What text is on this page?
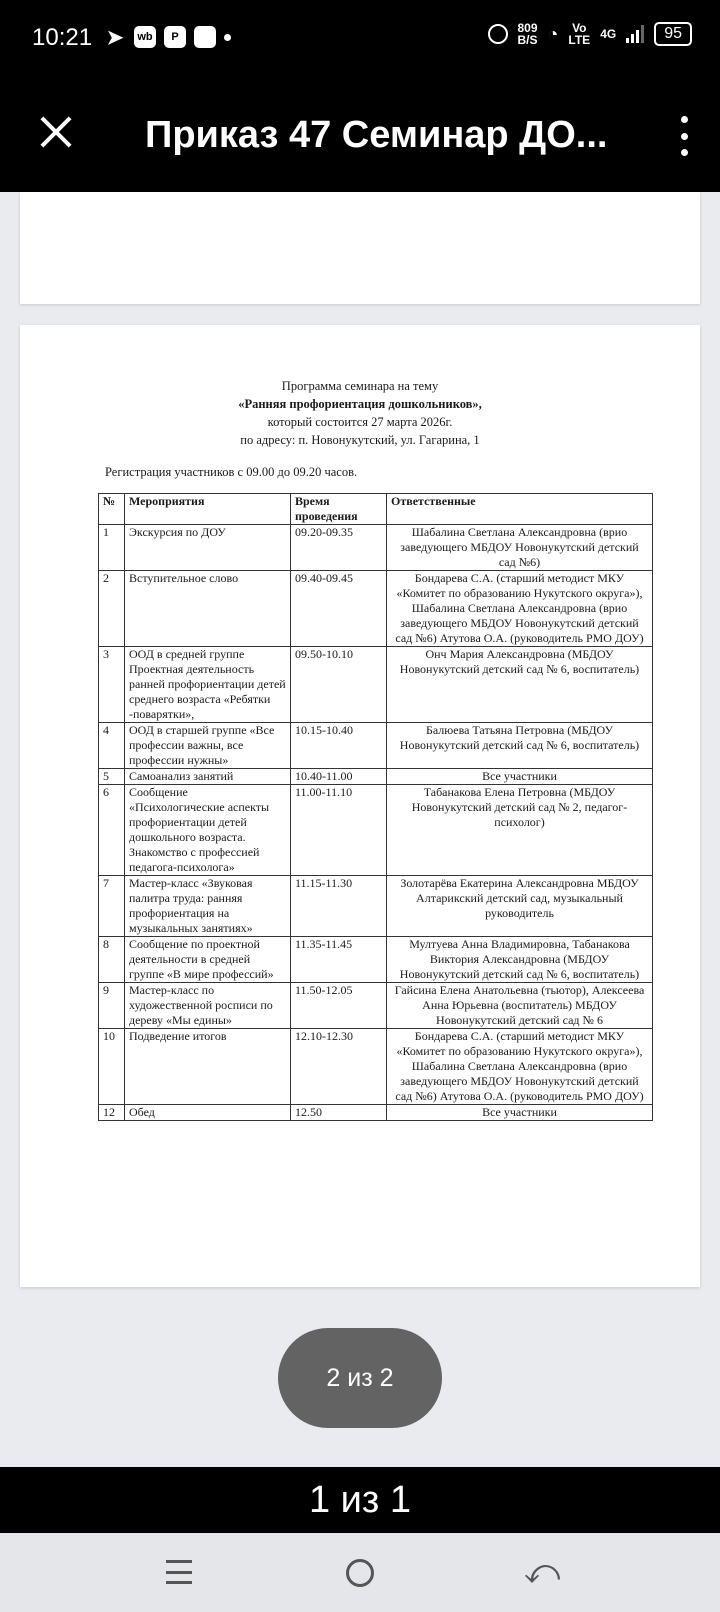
10:21 ➤	wb	P
809
B/S ◔	Vo
LTE 4G	95
Приказ 47 Семинар ДО...
Программа семинара на тему
«Ранняя профориентация дошкольников»,
который состоится 27 марта 2026г.
по адресу: п. Новонукутский, ул. Гагарина, 1
Регистрация участников с 09.00 до 09.20 часов.
№	Мероприятия	Время проведения	Ответственные
1	Экскурсия по ДОУ	09.20-09.35	Шабалина Светлана Александровна (врио заведующего МБДОУ Новонукутский детский сад №6)
2	Вступительное слово	09.40-09.45	Бондарева С.А. (старший методист МКУ «Комитет по образованию Нукутского округа»), Шабалина Светлана Александровна (врио заведующего МБДОУ Новонукутский детский сад №6) Атутова О.А. (руководитель РМО ДОУ)
3	ООД в средней группе Проектная деятельность ранней профориентации детей среднего возраста «Ребятки -поварятки»,	09.50-10.10	Онч Мария Александровна (МБДОУ Новонукутский детский сад № 6, воспитатель)
4	ООД в старшей группе «Все профессии важны, все профессии нужны»	10.15-10.40	Балюева Татьяна Петровна (МБДОУ Новонукутский детский сад № 6, воспитатель)
5	Самоанализ занятий	10.40-11.00	Все участники
6	Сообщение «Психологические аспекты профориентации детей дошкольного возраста. Знакомство с профессией педагога-психолога»	11.00-11.10	Табанакова Елена Петровна (МБДОУ Новонукутский детский сад № 2, педагог-психолог)
7	Мастер-класс «Звуковая палитра труда: ранняя профориентация на музыкальных занятиях»	11.15-11.30	Золотарёва Екатерина Александровна МБДОУ Алтарикский детский сад, музыкальный руководитель
8	Сообщение по проектной деятельности в средней группе «В мире профессий»	11.35-11.45	Мултуева Анна Владимировна, Табанакова Виктория Александровна (МБДОУ Новонукутский детский сад № 6, воспитатель)
9	Мастер-класс по художественной росписи по дереву «Мы едины»	11.50-12.05	Гайсина Елена Анатольевна (тьютор), Алексеева Анна Юрьевна (воспитатель) МБДОУ Новонукутский детский сад № 6
10	Подведение итогов	12.10-12.30	Бондарева С.А. (старший методист МКУ «Комитет по образованию Нукутского округа»), Шабалина Светлана Александровна (врио заведующего МБДОУ Новонукутский детский сад №6) Атутова О.А. (руководитель РМО ДОУ)
12	Обед	12.50	Все участники
2 из 2
1 из 1
⤺
